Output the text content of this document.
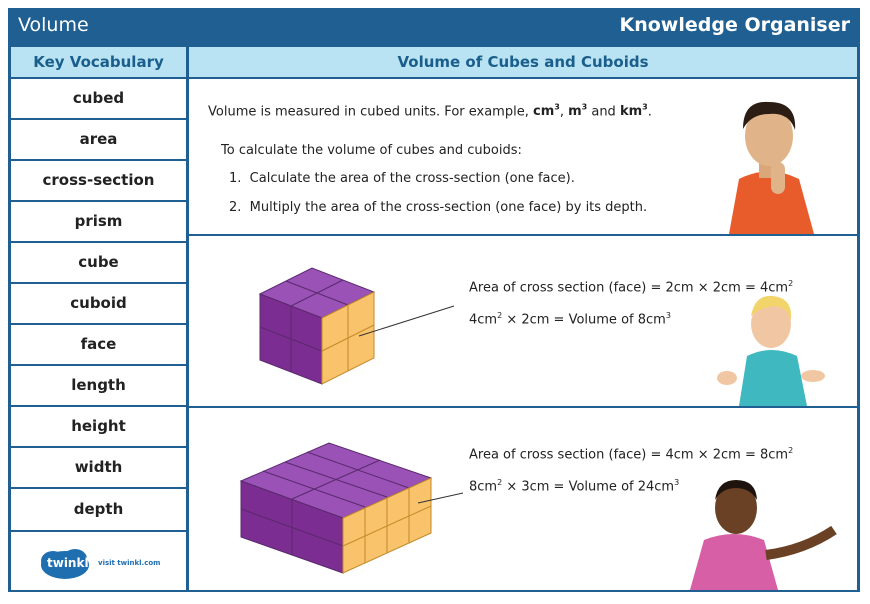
Volume	Knowledge Organiser
Key Vocabulary
cubed
area
cross-section
prism
cube
cuboid
face
length
height
width
depth
twinkl visit twinkl.com
Volume of Cubes and Cuboids
Volume is measured in cubed units. For example, $cm^3$, $m^3$ and $km^3$.
To calculate the volume of cubes and cuboids:
1. Calculate the area of the cross-section (one face).
2. Multiply the area of the cross-section (one face) by its depth.
Area of cross section (face) = $2cm \times 2cm = 4cm^2$
$4cm^2 \times 2cm$ = Volume of $8cm^3$
Area of cross section (face) = $4cm \times 2cm = 8cm^2$
$8cm^2 \times 3cm$ = Volume of $24cm^3$
